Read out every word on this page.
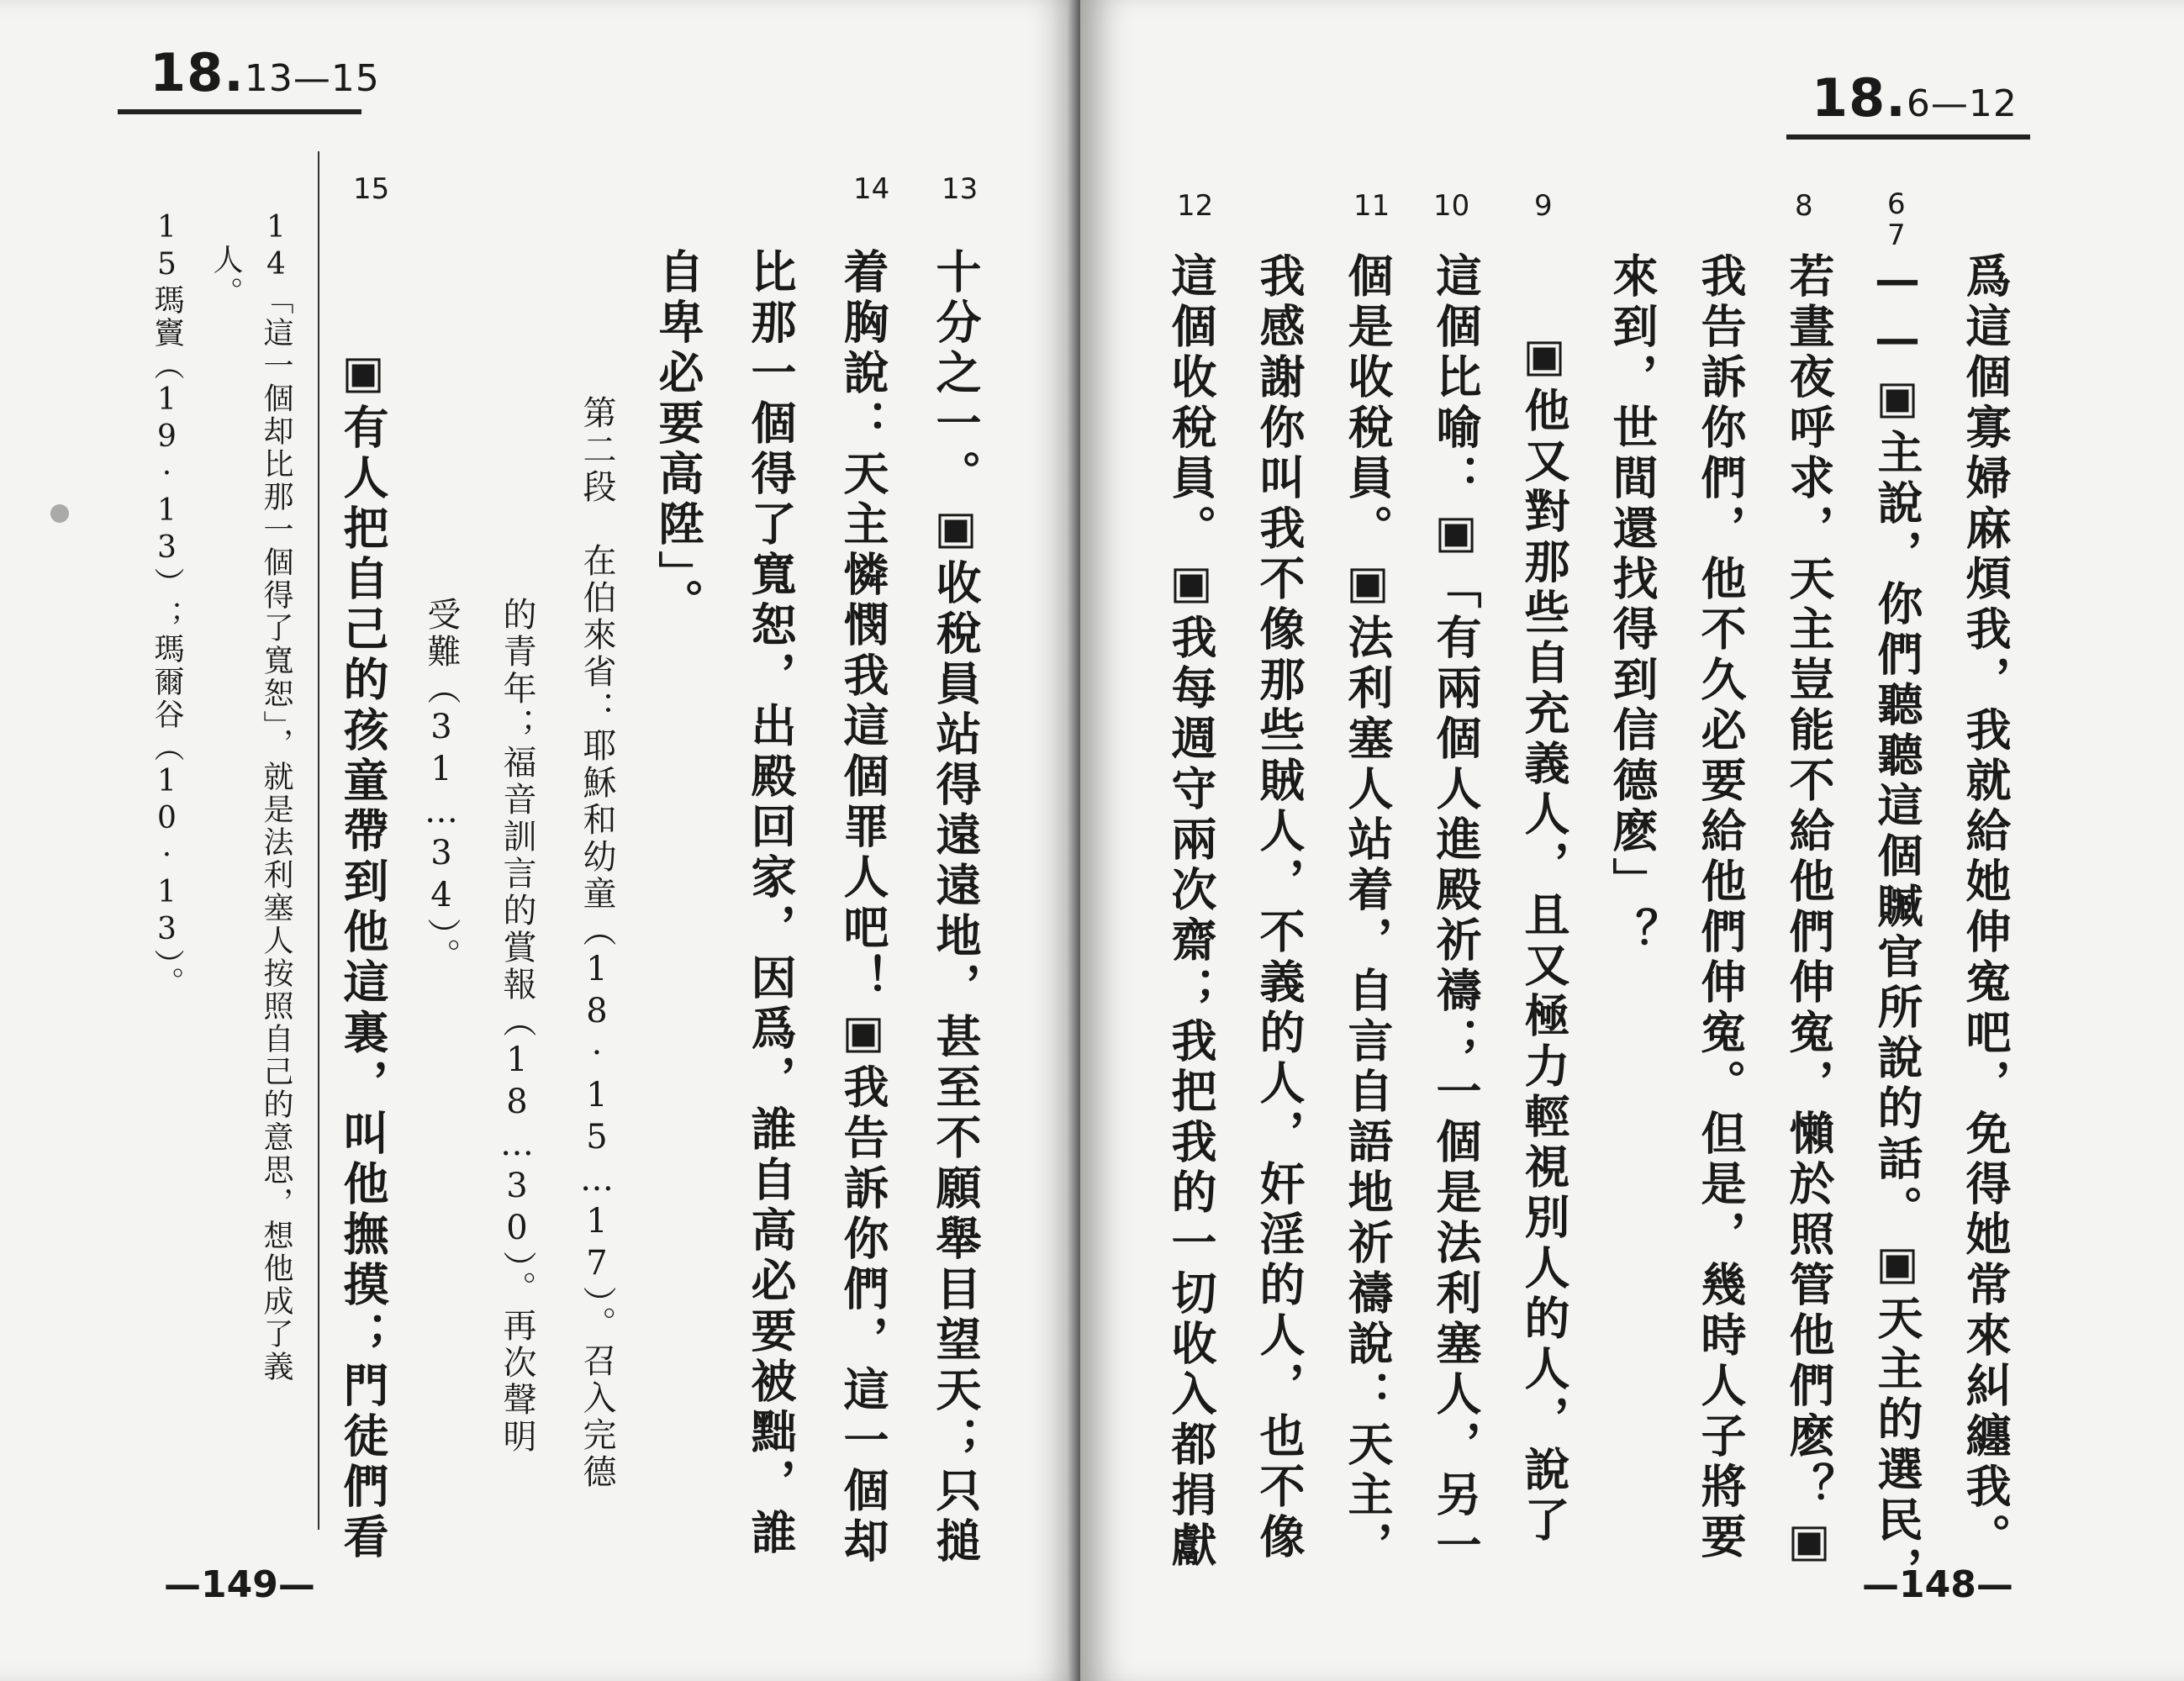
18.13—15
13
14
15
十分之一。▣收稅員站得遠遠地，甚至不願舉目望天；只搥
着胸說：天主憐憫我這個罪人吧！▣我告訴你們，這一個却
比那一個得了寬恕，出殿回家，因爲，誰自高必要被黜，誰
自卑必要高陞」。
第二段　在伯來省：耶穌和幼童（18·15…17）。召入完德
的青年；福音訓言的賞報（18…30）。再次聲明
受難（31…34）。
▣有人把自己的孩童帶到他這裏，叫他撫摸；門徒們看
14「這一個却比那一個得了寬恕」，就是法利塞人按照自己的意思，想他成了義
人。
15瑪竇（19·13）；瑪爾谷（10·13）。
—149—
18.6—12
6
7
8
9
10
11
12
爲這個寡婦麻煩我，我就給她伸寃吧，免得她常來糾纏我。
——▣主說，你們聽聽這個贓官所說的話。▣天主的選民，
若晝夜呼求，天主豈能不給他們伸寃，懶於照管他們麽？▣
我告訴你們，他不久必要給他們伸寃。但是，幾時人子將要
來到，世間還找得到信德麽」？
▣他又對那些自充義人，且又極力輕視別人的人，說了
這個比喻：▣「有兩個人進殿祈禱；一個是法利塞人，另一
個是收稅員。▣法利塞人站着，自言自語地祈禱說：天主，
我感謝你叫我不像那些賊人，不義的人，奸淫的人，也不像
這個收稅員。▣我每週守兩次齋；我把我的一切收入都捐獻
—148—
